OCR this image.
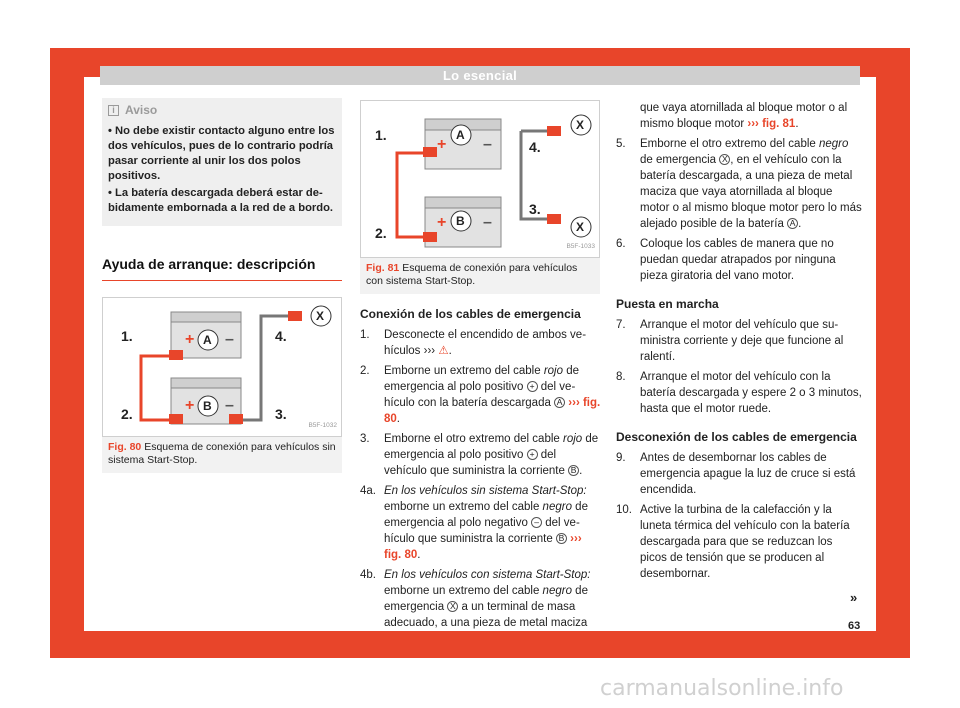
Lo esencial
i Aviso
• No debe existir contacto alguno entre los dos vehículos, pues de lo contrario podría pasar corriente al unir los dos polos positivos.
• La batería descargada deberá estar debidamente embornada a la red de a bordo.
Ayuda de arranque: descripción
+ –
+ –
1.
2.	3.
4.
A
B
X
B5F-1032
Fig. 80 Esquema de conexión para vehículos sin sistema Start-Stop.
+ –
+ –
1.
2.
3.
4.
A
B
X
X
B5F-1033
Fig. 81 Esquema de conexión para vehículos con sistema Start-Stop.
Conexión de los cables de emergencia
1.	Desconecte el encendido de ambos vehículos ››› ⚠.
2.	Emborne un extremo del cable rojo de emergencia al polo positivo + del vehículo con la batería descargada A ››› fig. 80.
3.	Emborne el otro extremo del cable rojo de emergencia al polo positivo + del vehículo que suministra la corriente B .
4a. En los vehículos sin sistema Start-Stop: emborne un extremo del cable negro de emergencia al polo negativo – del vehículo que suministra la corriente B ››› fig. 80.
4b. En los vehículos con sistema Start-Stop: emborne un extremo del cable negro de emergencia X a un terminal de masa adecuado, a una pieza de metal maciza
que vaya atornillada al bloque motor o al mismo bloque motor ››› fig. 81.
5.	Emborne el otro extremo del cable negro de emergencia X , en el vehículo con la batería descargada, a una pieza de metal maciza que vaya atornillada al bloque motor o al mismo bloque motor pero lo más alejado posible de la batería A .
6.	Coloque los cables de manera que no puedan quedar atrapados por ninguna pieza giratoria del vano motor.
Puesta en marcha
7.	Arranque el motor del vehículo que suministra corriente y deje que funcione al ralentí.
8.	Arranque el motor del vehículo con la batería descargada y espere 2 o 3 minutos, hasta que el motor ruede.
Desconexión de los cables de emergencia
9.	Antes de desembornar los cables de emergencia apague la luz de cruce si está encendida.
10. Active la turbina de la calefacción y la luneta térmica del vehículo con la batería descargada para que se reduzcan los picos de tensión que se producen al desembornar.
»
63
carmanualsonline.info
